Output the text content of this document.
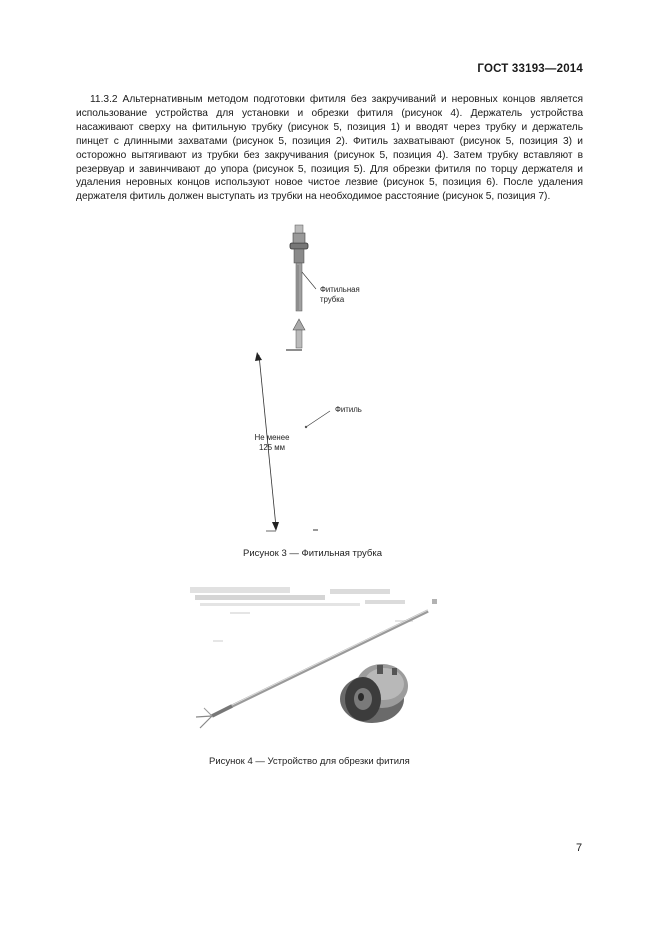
ГОСТ 33193—2014

11.3.2 Альтернативным методом подготовки фитиля без закручиваний и неровных концов является использование устройства для установки и обрезки фитиля (рисунок 4). Держатель устройства насаживают сверху на фитильную трубку (рисунок 5, позиция 1) и вводят через трубку и держатель пинцет с длинными захватами (рисунок 5, позиция 2). Фитиль захватывают (рисунок 5, позиция 3) и осторожно вытягивают из трубки без закручивания (рисунок 5, позиция 4). Затем трубку вставляют в резервуар и завинчивают до упора (рисунок 5, позиция 5). Для обрезки фитиля по торцу держателя и удаления неровных концов используют новое чистое лезвие (рисунок 5, позиция 6). После удаления держателя фитиль должен выступать из трубки на необходимое расстояние (рисунок 5, позиция 7).

Фитильная
трубка
Фитиль
Не менее
125 мм
Рисунок 3 — Фитильная трубка
Рисунок 4 — Устройство для обрезки фитиля
7
